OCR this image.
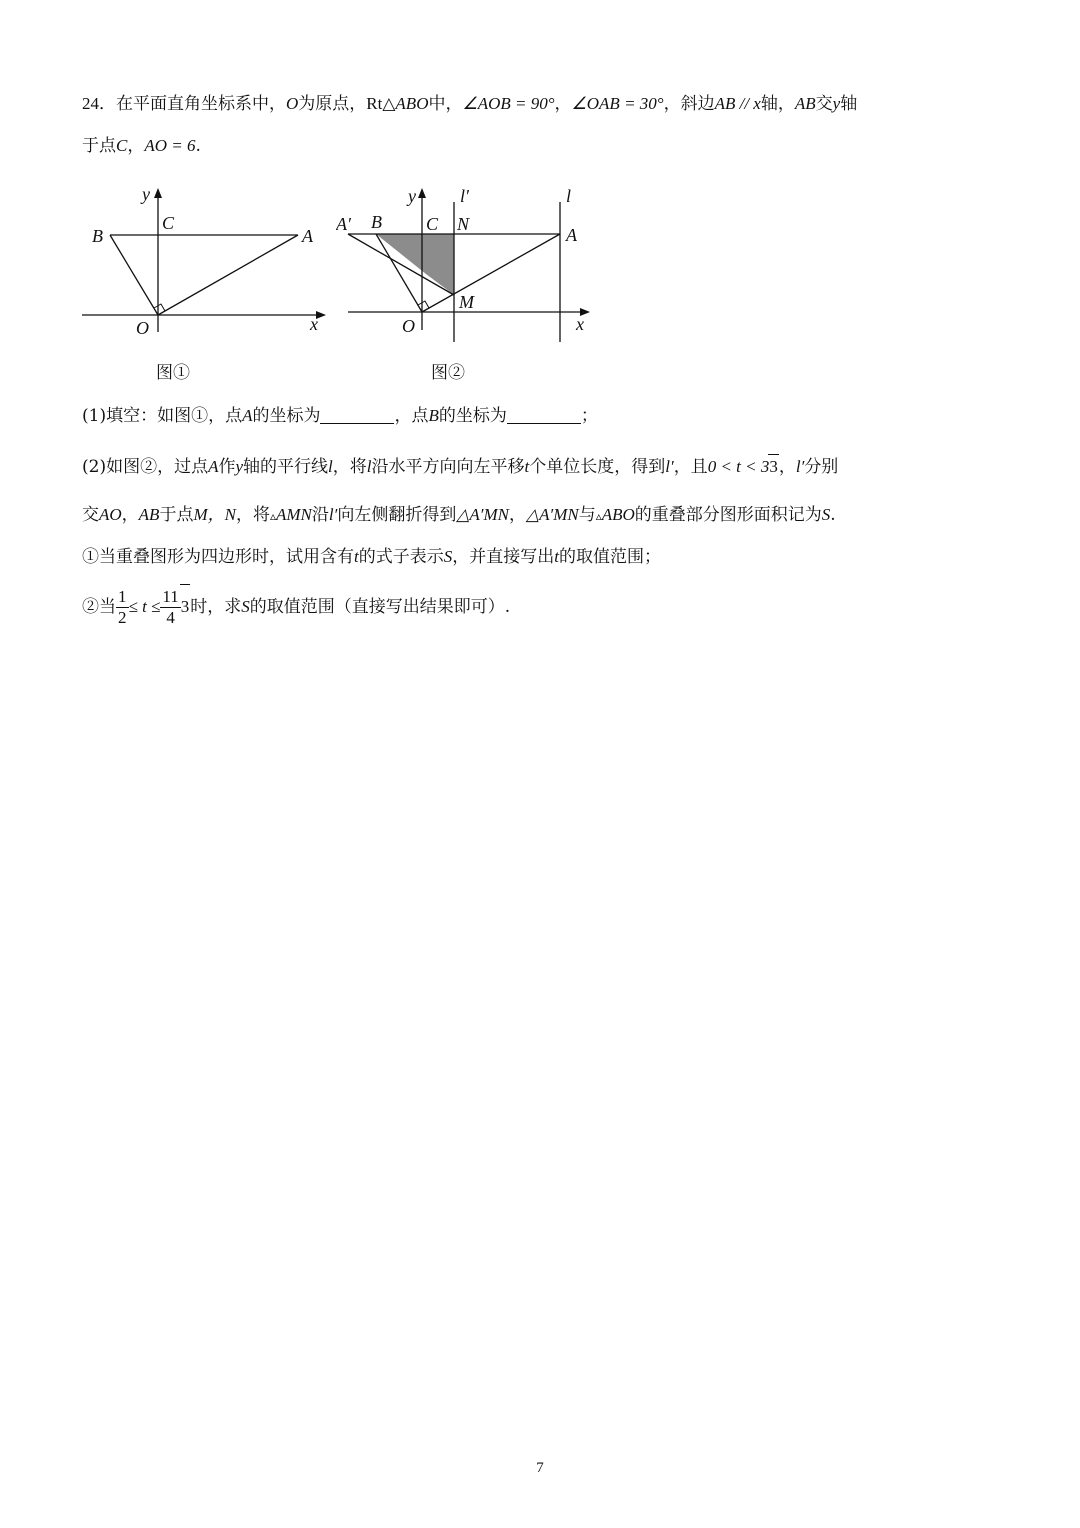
24．在平面直角坐标系中，O为原点，Rt△ABO中，∠AOB = 90°，∠OAB = 30°，斜边AB // x轴，AB交y轴
于点C，AO = 6.
y
C
B	A
O	x
图①
y l′	l
A′ B C N
A
M
O	x
图②
(1)填空：如图①，点A的坐标为	，点B的坐标为	；
(2)如图②，过点A作y轴的平行线l，将l沿水平方向向左平移t个单位长度，得到l′，且0 < t < 33，l′分别
交AO，AB于点M，N，将▵AMN沿l′向左侧翻折得到△A′MN，△A′MN与▵ABO的重叠部分图形面积记为S.
①当重叠图形为四边形时，试用含有t的式子表示S，并直接写出t的取值范围；
②当 $\frac{1}{2} \le t \le \frac{11}{4} 3$时，求S的取值范围（直接写出结果即可）.
7
